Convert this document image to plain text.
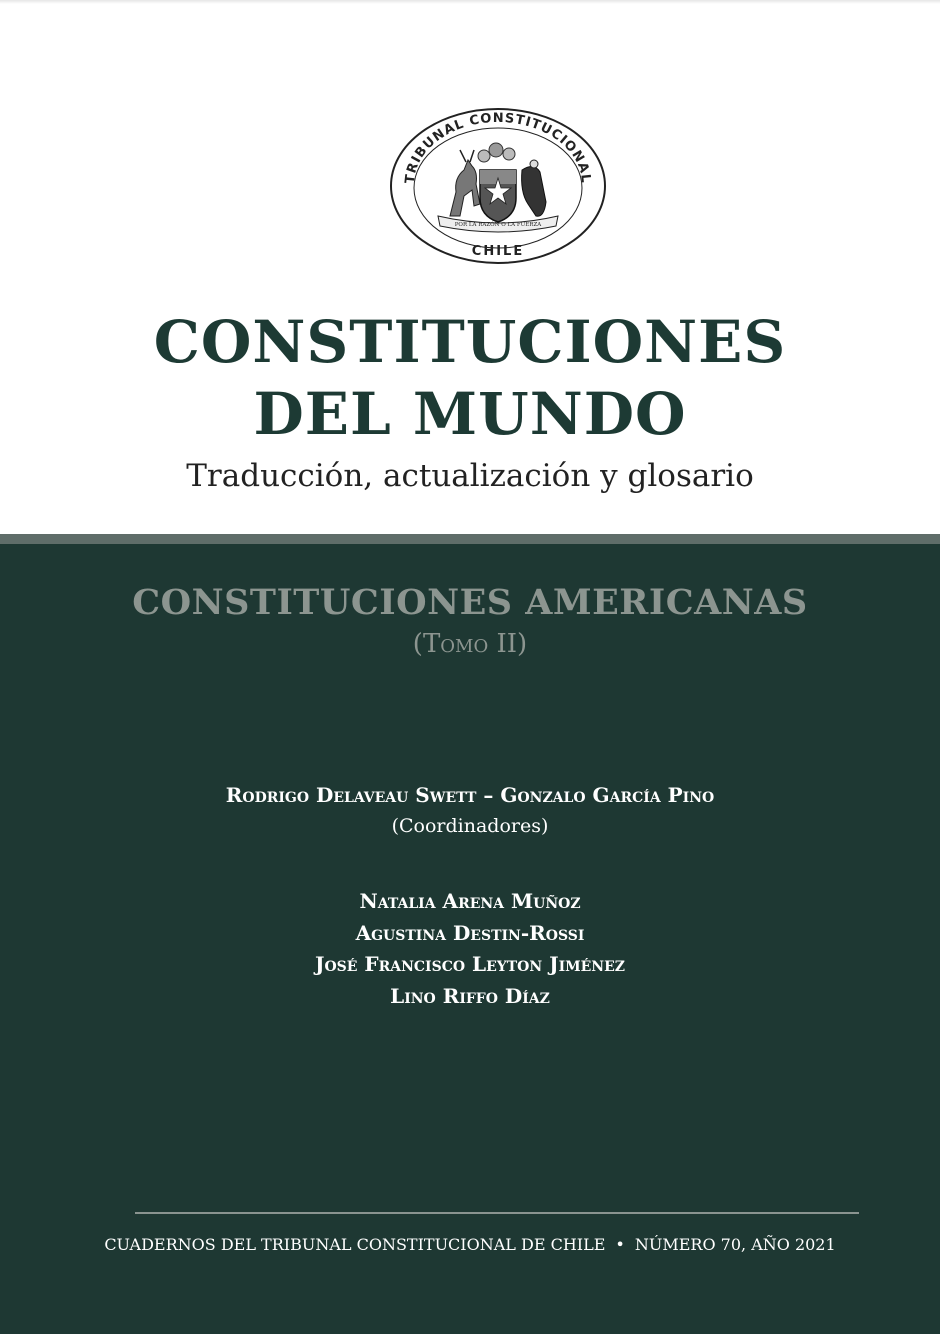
TRIBUNAL CONSTITUCIONAL
POR LA RAZÓN O LA FUERZA
CHILE
CONSTITUCIONES
DEL MUNDO

Traducción, actualización y glosario

CONSTITUCIONES AMERICANAS

(Tomo II)

Rodrigo Delaveau Swett – Gonzalo García Pino

(Coordinadores)

Natalia Arena Muñoz
Agustina Destin-Rossi
José Francisco Leyton Jiménez
Lino Riffo Díaz

CUADERNOS DEL TRIBUNAL CONSTITUCIONAL DE CHILE • NÚMERO 70, AÑO 2021
